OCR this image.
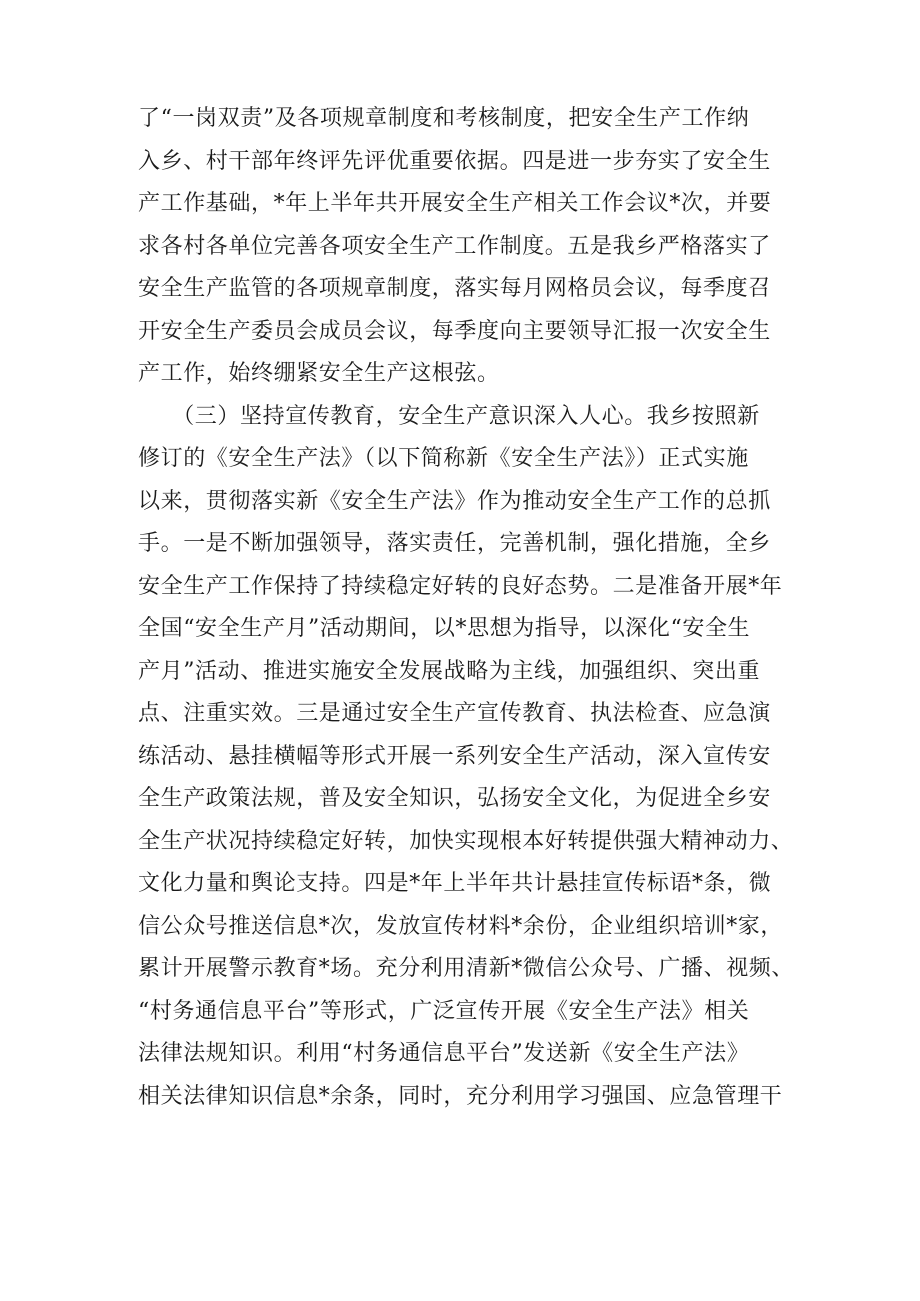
了“一岗双责”及各项规章制度和考核制度，把安全生产工作纳
入乡、村干部年终评先评优重要依据。四是进一步夯实了安全生
产工作基础，*年上半年共开展安全生产相关工作会议*次，并要
求各村各单位完善各项安全生产工作制度。五是我乡严格落实了
安全生产监管的各项规章制度，落实每月网格员会议，每季度召
开安全生产委员会成员会议，每季度向主要领导汇报一次安全生
产工作，始终绷紧安全生产这根弦。
　　（三）坚持宣传教育，安全生产意识深入人心。我乡按照新
修订的《安全生产法》（以下简称新《安全生产法》）正式实施
以来，贯彻落实新《安全生产法》作为推动安全生产工作的总抓
手。一是不断加强领导，落实责任，完善机制，强化措施，全乡
安全生产工作保持了持续稳定好转的良好态势。二是准备开展*年
全国“安全生产月”活动期间，以*思想为指导，以深化“安全生
产月”活动、推进实施安全发展战略为主线，加强组织、突出重
点、注重实效。三是通过安全生产宣传教育、执法检查、应急演
练活动、悬挂横幅等形式开展一系列安全生产活动，深入宣传安
全生产政策法规，普及安全知识，弘扬安全文化，为促进全乡安
全生产状况持续稳定好转，加快实现根本好转提供强大精神动力、
文化力量和舆论支持。四是*年上半年共计悬挂宣传标语*条，微
信公众号推送信息*次，发放宣传材料*余份，企业组织培训*家，
累计开展警示教育*场。充分利用清新*微信公众号、广播、视频、
“村务通信息平台”等形式，广泛宣传开展《安全生产法》相关
法律法规知识。利用“村务通信息平台”发送新《安全生产法》
相关法律知识信息*余条，同时，充分利用学习强国、应急管理干
